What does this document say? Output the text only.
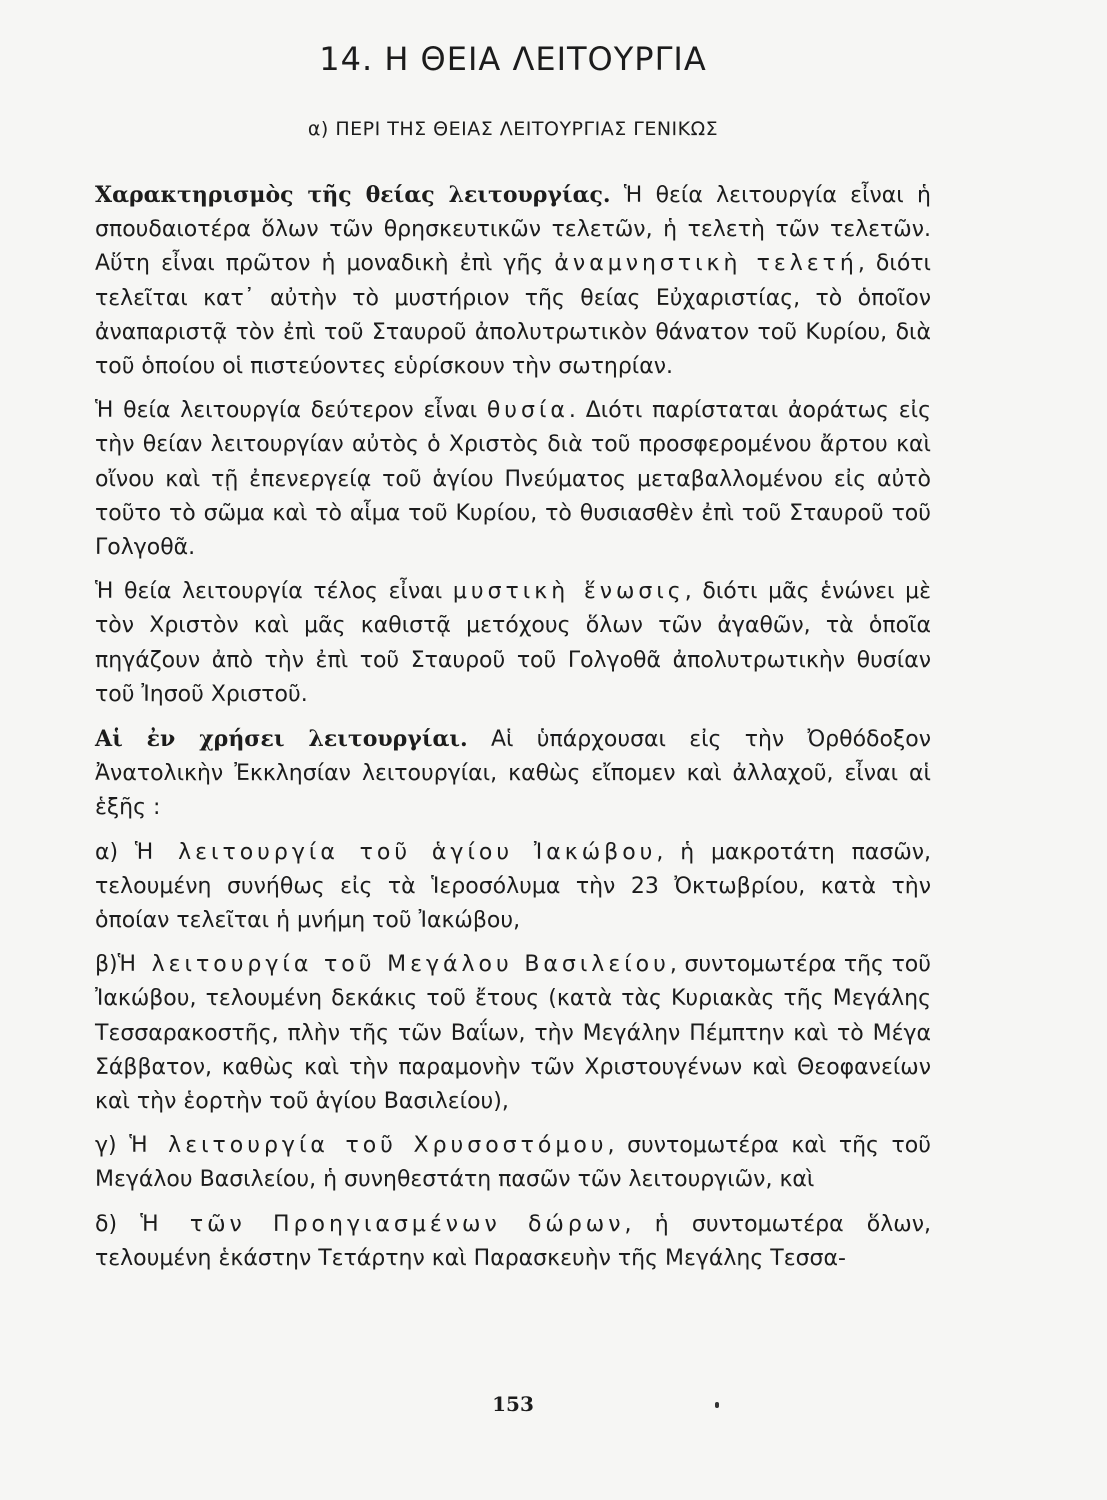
14. Η ΘΕΙΑ ΛΕΙΤΟΥΡΓΙΑ
α) ΠΕΡΙ ΤΗΣ ΘΕΙΑΣ ΛΕΙΤΟΥΡΓΙΑΣ ΓΕΝΙΚΩΣ

Χαρακτηρισμὸς τῆς θείας λειτουργίας. Ἡ θεία λειτουργία εἶναι ἡ σπουδαιοτέρα ὅλων τῶν θρησκευτικῶν τελετῶν, ἡ τελετὴ τῶν τελετῶν. Αὕτη εἶναι πρῶτον ἡ μοναδικὴ ἐπὶ γῆς ἀναμνηστικὴ τελετή, διότι τελεῖται κατ᾿ αὐτὴν τὸ μυστήριον τῆς θείας Εὐχαριστίας, τὸ ὁποῖον ἀναπαριστᾷ τὸν ἐπὶ τοῦ Σταυροῦ ἀπολυτρωτικὸν θάνατον τοῦ Κυρίου, διὰ τοῦ ὁποίου οἱ πιστεύοντες εὑρίσκουν τὴν σωτηρίαν.

Ἡ θεία λειτουργία δεύτερον εἶναι θυσία. Διότι παρίσταται ἀοράτως εἰς τὴν θείαν λειτουργίαν αὐτὸς ὁ Χριστὸς διὰ τοῦ προσφερομένου ἄρτου καὶ οἴνου καὶ τῇ ἐπενεργείᾳ τοῦ ἁγίου Πνεύματος μεταβαλλομένου εἰς αὐτὸ τοῦτο τὸ σῶμα καὶ τὸ αἷμα τοῦ Κυρίου, τὸ θυσιασθὲν ἐπὶ τοῦ Σταυροῦ τοῦ Γολγοθᾶ.

Ἡ θεία λειτουργία τέλος εἶναι μυστικὴ ἕνωσις, διότι μᾶς ἑνώνει μὲ τὸν Χριστὸν καὶ μᾶς καθιστᾷ μετόχους ὅλων τῶν ἀγαθῶν, τὰ ὁποῖα πηγάζουν ἀπὸ τὴν ἐπὶ τοῦ Σταυροῦ τοῦ Γολγοθᾶ ἀπολυτρωτικὴν θυσίαν τοῦ Ἰησοῦ Χριστοῦ.

Αἱ ἐν χρήσει λειτουργίαι. Αἱ ὑπάρχουσαι εἰς τὴν Ὀρθόδοξον Ἀνατολικὴν Ἐκκλησίαν λειτουργίαι, καθὼς εἴπομεν καὶ ἀλλαχοῦ, εἶναι αἱ ἑξῆς :

α) Ἡ λειτουργία τοῦ ἁγίου Ἰακώβου, ἡ μακροτάτη πασῶν, τελουμένη συνήθως εἰς τὰ Ἱεροσόλυμα τὴν 23 Ὀκτωβρίου, κατὰ τὴν ὁποίαν τελεῖται ἡ μνήμη τοῦ Ἰακώβου,

β)Ἡ λειτουργία τοῦ Μεγάλου Βασιλείου, συντομωτέρα τῆς τοῦ Ἰακώβου, τελουμένη δεκάκις τοῦ ἔτους (κατὰ τὰς Κυριακὰς τῆς Μεγάλης Τεσσαρακοστῆς, πλὴν τῆς τῶν Βαΐων, τὴν Μεγάλην Πέμπτην καὶ τὸ Μέγα Σάββατον, καθὼς καὶ τὴν παραμονὴν τῶν Χριστουγένων καὶ Θεοφανείων καὶ τὴν ἑορτὴν τοῦ ἁγίου Βασιλείου),

γ) Ἡ λειτουργία τοῦ Χρυσοστόμου, συντομωτέρα καὶ τῆς τοῦ Μεγάλου Βασιλείου, ἡ συνηθεστάτη πασῶν τῶν λειτουργιῶν, καὶ

δ) Ἡ τῶν Προηγιασμένων δώρων, ἡ συντομωτέρα ὅλων, τελουμένη ἑκάστην Τετάρτην καὶ Παρασκευὴν τῆς Μεγάλης Τεσσα-

153
